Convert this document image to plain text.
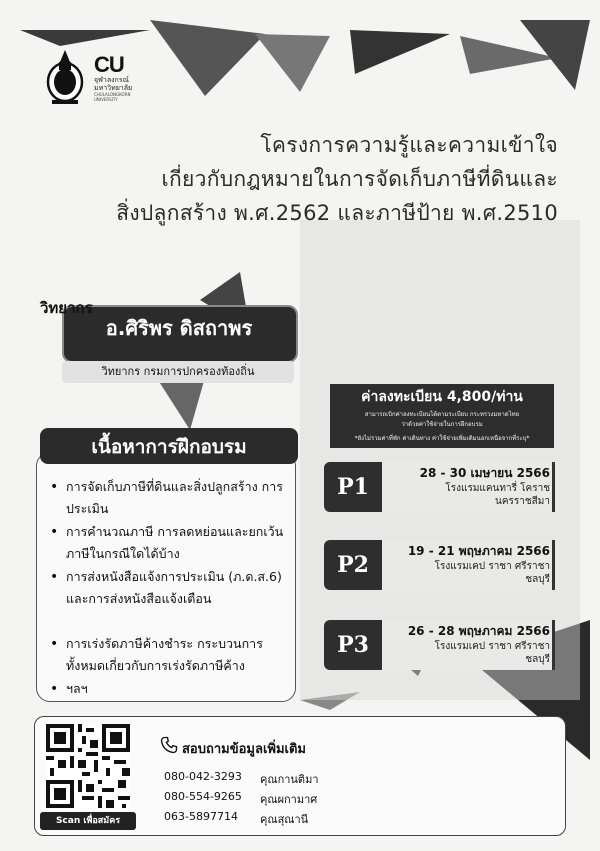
CU
จุฬาลงกรณ์ มหาวิทยาลัย
CHULALONGKORN UNIVERSITY
โครงการความรู้และความเข้าใจ
เกี่ยวกับกฎหมายในการจัดเก็บภาษีที่ดินและ
สิ่งปลูกสร้าง พ.ศ.2562 และภาษีป้าย พ.ศ.2510
วิทยากร
อ.ศิริพร ดิสถาพร
วิทยากร กรมการปกครองท้องถิ่น
ค่าลงทะเบียน 4,800/ท่าน
สามารถเบิกค่าลงทะเบียนได้ตามระเบียบ กระทรวงมหาดไทย
ว่าด้วยค่าใช้จ่ายในการฝึกอบรม
*ยังไม่รวมค่าที่พัก ค่าเดินทาง ค่าใช้จ่ายเพิ่มเติมนอกเหนือจากที่ระบุ*
เนื้อหาการฝึกอบรม
• การจัดเก็บภาษีที่ดินและสิ่งปลูกสร้าง การประเมิน
• การคำนวณภาษี การลดหย่อนและยกเว้นภาษีในกรณีใดได้บ้าง
• การส่งหนังสือแจ้งการประเมิน (ภ.ด.ส.6) และการส่งหนังสือแจ้งเตือน
• การเร่งรัดภาษีค้างชำระ กระบวนการทั้งหมดเกี่ยวกับการเร่งรัดภาษีค้าง
• ฯลฯ
P1
28 - 30 เมษายน 2566
โรงแรมแคนทารี่ โคราช
นครราชสีมา
P2
19 - 21 พฤษภาคม 2566
โรงแรมเคป ราชา ศรีราชา
ชลบุรี
P3
26 - 28 พฤษภาคม 2566
โรงแรมเคป ราชา ศรีราชา
ชลบุรี
Scan เพื่อสมัคร
สอบถามข้อมูลเพิ่มเติม
080-042-3293 คุณกานติมา
080-554-9265 คุณผกามาศ
063-5897714 คุณสุณานี
